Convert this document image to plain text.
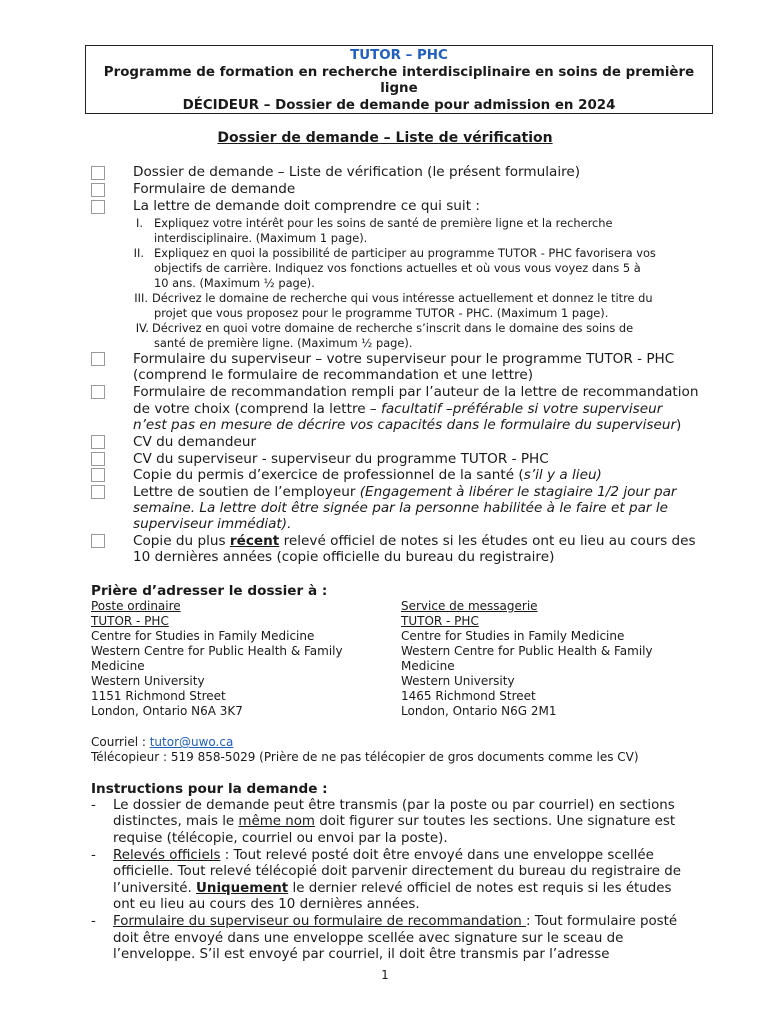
TUTOR – PHC
Programme de formation en recherche interdisciplinaire en soins de première
ligne
DÉCIDEUR – Dossier de demande pour admission en 2024
Dossier de demande – Liste de vérification
Dossier de demande – Liste de vérification (le présent formulaire)
Formulaire de demande
La lettre de demande doit comprendre ce qui suit :
I. Expliquez votre intérêt pour les soins de santé de première ligne et la recherche
interdisciplinaire. (Maximum 1 page).
II. Expliquez en quoi la possibilité de participer au programme TUTOR - PHC favorisera vos
objectifs de carrière. Indiquez vos fonctions actuelles et où vous vous voyez dans 5 à
10 ans. (Maximum ½ page).
III. Décrivez le domaine de recherche qui vous intéresse actuellement et donnez le titre du
projet que vous proposez pour le programme TUTOR - PHC. (Maximum 1 page).
IV. Décrivez en quoi votre domaine de recherche s’inscrit dans le domaine des soins de
santé de première ligne. (Maximum ½ page).
Formulaire du superviseur – votre superviseur pour le programme TUTOR - PHC
(comprend le formulaire de recommandation et une lettre)
Formulaire de recommandation rempli par l’auteur de la lettre de recommandation
de votre choix (comprend la lettre – facultatif –préférable si votre superviseur
n’est pas en mesure de décrire vos capacités dans le formulaire du superviseur)
CV du demandeur
CV du superviseur - superviseur du programme TUTOR - PHC
Copie du permis d’exercice de professionnel de la santé (s’il y a lieu)
Lettre de soutien de l’employeur (Engagement à libérer le stagiaire 1/2 jour par
semaine. La lettre doit être signée par la personne habilitée à le faire et par le
superviseur immédiat).
Copie du plus récent relevé officiel de notes si les études ont eu lieu au cours des
10 dernières années (copie officielle du bureau du registraire)
Prière d’adresser le dossier à :
Poste ordinaire
TUTOR - PHC
Centre for Studies in Family Medicine
Western Centre for Public Health & Family
Medicine
Western University
1151 Richmond Street
London, Ontario N6A 3K7
Service de messagerie
TUTOR - PHC
Centre for Studies in Family Medicine
Western Centre for Public Health & Family
Medicine
Western University
1465 Richmond Street
London, Ontario N6G 2M1
Courriel : tutor@uwo.ca
Télécopieur : 519 858-5029 (Prière de ne pas télécopier de gros documents comme les CV)
Instructions pour la demande :
- Le dossier de demande peut être transmis (par la poste ou par courriel) en sections
distinctes, mais le même nom doit figurer sur toutes les sections. Une signature est
requise (télécopie, courriel ou envoi par la poste).
- Relevés officiels : Tout relevé posté doit être envoyé dans une enveloppe scellée
officielle. Tout relevé télécopié doit parvenir directement du bureau du registraire de
l’université. Uniquement le dernier relevé officiel de notes est requis si les études
ont eu lieu au cours des 10 dernières années.
- Formulaire du superviseur ou formulaire de recommandation : Tout formulaire posté
doit être envoyé dans une enveloppe scellée avec signature sur le sceau de
l’enveloppe. S’il est envoyé par courriel, il doit être transmis par l’adresse
1
